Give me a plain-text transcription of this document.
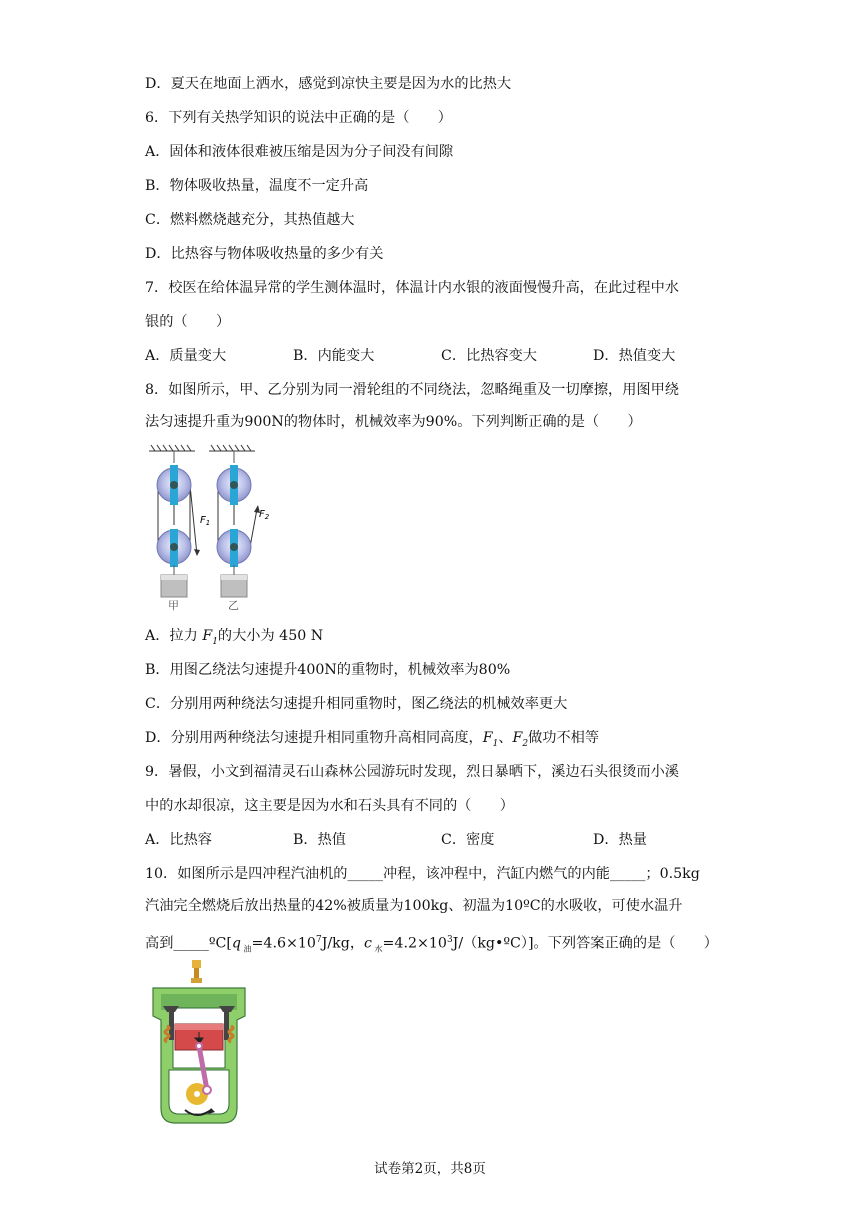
D．夏天在地面上洒水，感觉到凉快主要是因为水的比热大
6．下列有关热学知识的说法中正确的是（　　）
A．固体和液体很难被压缩是因为分子间没有间隙
B．物体吸收热量，温度不一定升高
C．燃料燃烧越充分，其热值越大
D．比热容与物体吸收热量的多少有关
7．校医在给体温异常的学生测体温时，体温计内水银的液面慢慢升高，在此过程中水
银的（　　）
A．质量变大	B．内能变大	C．比热容变大	D．热值变大
8．如图所示，甲、乙分别为同一滑轮组的不同绕法，忽略绳重及一切摩擦，用图甲绕
法匀速提升重为900N的物体时，机械效率为90%。下列判断正确的是（　　）
$F_1$
$F_2$
甲	乙
A．拉力 $F_1$的大小为 450 N
B．用图乙绕法匀速提升400N的重物时，机械效率为80%
C．分别用两种绕法匀速提升相同重物时，图乙绕法的机械效率更大
D．分别用两种绕法匀速提升相同重物升高相同高度，$F_1$、$F_2$做功不相等
9．暑假，小文到福清灵石山森林公园游玩时发现，烈日暴晒下，溪边石头很烫而小溪
中的水却很凉，这主要是因为水和石头具有不同的（　　）
A．比热容	B．热值	C．密度	D．热量
10．如图所示是四冲程汽油机的_____冲程，该冲程中，汽缸内燃气的内能_____；0.5kg
汽油完全燃烧后放出热量的42%被质量为100kg、初温为10ºC的水吸收，可使水温升
高到_____ºC[q $_油=4.6\times 10^7J/kg$，c $_水=4.2\times 10^3J/(kg•ºC)$]。下列答案正确的是（　　）
试卷第2页，共8页
